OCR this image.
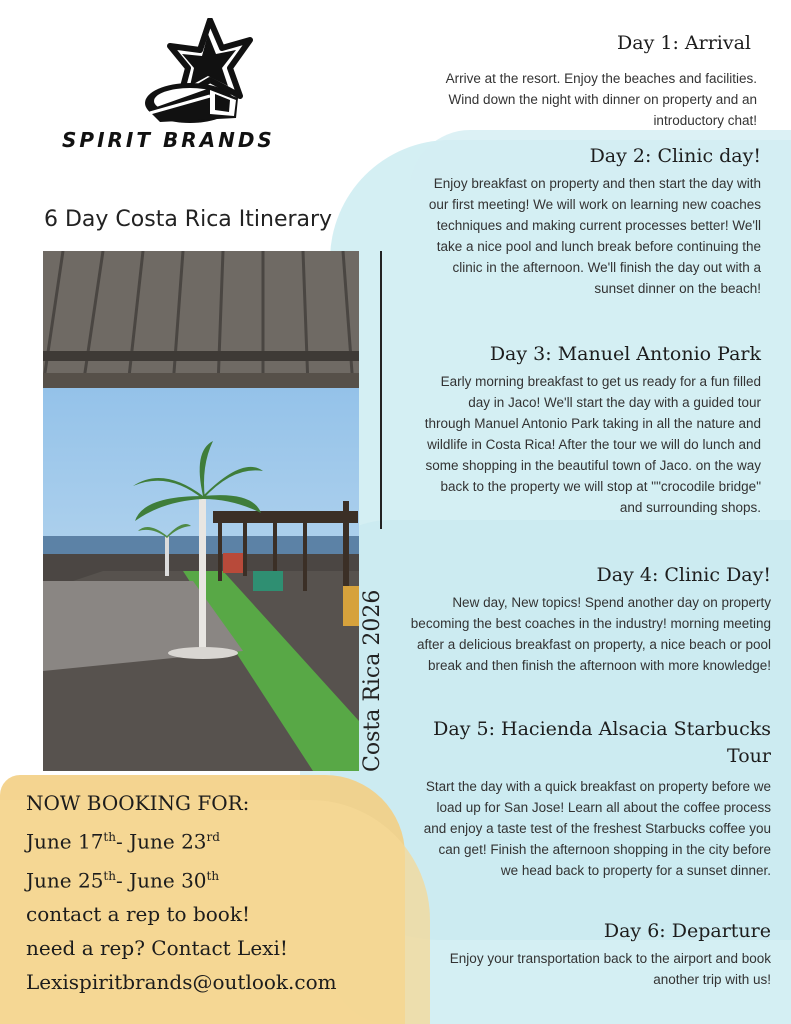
SPIRIT BRANDS
6 Day Costa Rica Itinerary
Costa Rica 2026
Day 1: Arrival

Arrive at the resort. Enjoy the beaches and facilities. Wind down the night with dinner on property and an introductory chat!

Day 2: Clinic day!

Enjoy breakfast on property and then start the day with our first meeting! We will work on learning new coaches techniques and making current processes better! We'll take a nice pool and lunch break before continuing the clinic in the afternoon. We'll finish the day out with a sunset dinner on the beach!

Day 3: Manuel Antonio Park

Early morning breakfast to get us ready for a fun filled day in Jaco! We'll start the day with a guided tour through Manuel Antonio Park taking in all the nature and wildlife in Costa Rica! After the tour we will do lunch and some shopping in the beautiful town of Jaco. on the way back to the property we will stop at ""crocodile bridge" and surrounding shops.

Day 4: Clinic Day!

New day, New topics! Spend another day on property becoming the best coaches in the industry! morning meeting after a delicious breakfast on property, a nice beach or pool break and then finish the afternoon with more knowledge!

Day 5: Hacienda Alsacia Starbucks Tour

Start the day with a quick breakfast on property before we load up for San Jose! Learn all about the coffee process and enjoy a taste test of the freshest Starbucks coffee you can get! Finish the afternoon shopping in the city before we head back to property for a sunset dinner.

Day 6: Departure

Enjoy your transportation back to the airport and book another trip with us!

NOW BOOKING FOR:
June 17th- June 23rd
June 25th- June 30th
contact a rep to book!
need a rep? Contact Lexi!
Lexispiritbrands@outlook.com
